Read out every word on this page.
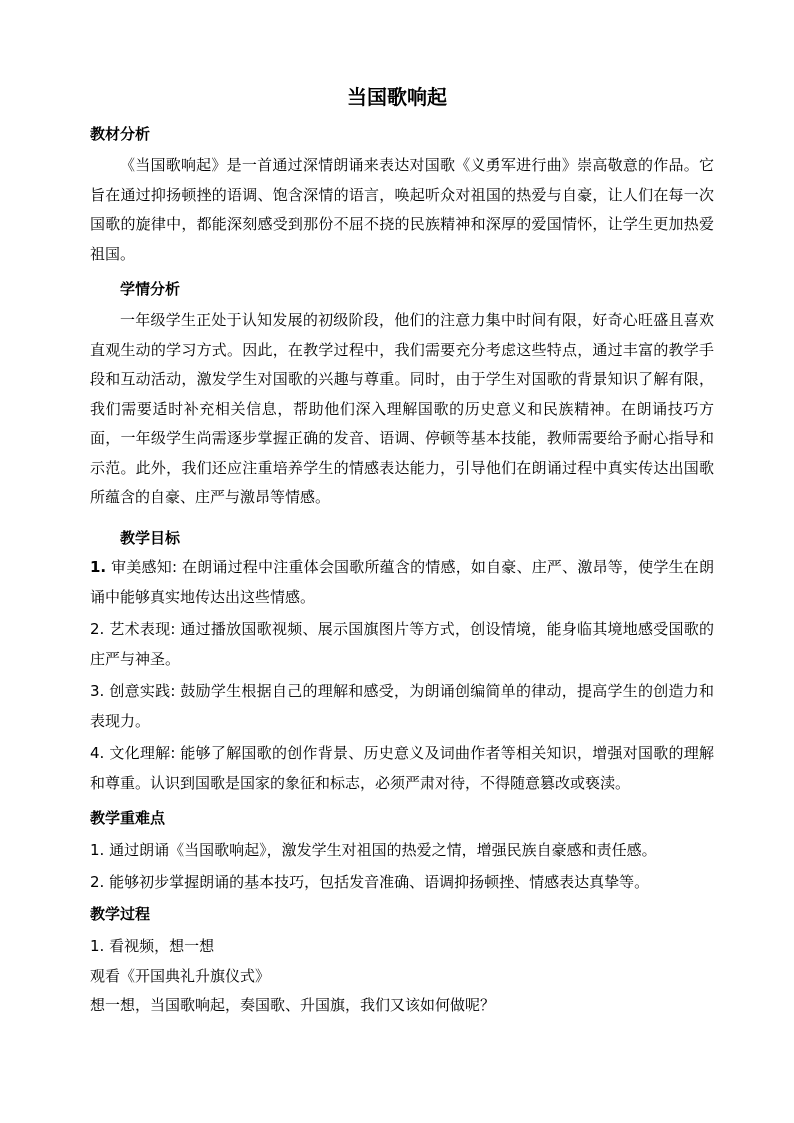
当国歌响起

教材分析

《当国歌响起》是一首通过深情朗诵来表达对国歌《义勇军进行曲》崇高敬意的作品。它旨在通过抑扬顿挫的语调、饱含深情的语言，唤起听众对祖国的热爱与自豪，让人们在每一次国歌的旋律中，都能深刻感受到那份不屈不挠的民族精神和深厚的爱国情怀，让学生更加热爱祖国。

学情分析

一年级学生正处于认知发展的初级阶段，他们的注意力集中时间有限，好奇心旺盛且喜欢直观生动的学习方式。因此，在教学过程中，我们需要充分考虑这些特点，通过丰富的教学手段和互动活动，激发学生对国歌的兴趣与尊重。同时，由于学生对国歌的背景知识了解有限，我们需要适时补充相关信息，帮助他们深入理解国歌的历史意义和民族精神。在朗诵技巧方面，一年级学生尚需逐步掌握正确的发音、语调、停顿等基本技能，教师需要给予耐心指导和示范。此外，我们还应注重培养学生的情感表达能力，引导他们在朗诵过程中真实传达出国歌所蕴含的自豪、庄严与激昂等情感。

教学目标

1. 审美感知: 在朗诵过程中注重体会国歌所蕴含的情感，如自豪、庄严、激昂等，使学生在朗诵中能够真实地传达出这些情感。

2. 艺术表现: 通过播放国歌视频、展示国旗图片等方式，创设情境，能身临其境地感受国歌的庄严与神圣。

3. 创意实践: 鼓励学生根据自己的理解和感受，为朗诵创编简单的律动，提高学生的创造力和表现力。

4. 文化理解: 能够了解国歌的创作背景、历史意义及词曲作者等相关知识，增强对国歌的理解和尊重。认识到国歌是国家的象征和标志，必须严肃对待，不得随意篡改或亵渎。

教学重难点

1. 通过朗诵《当国歌响起》，激发学生对祖国的热爱之情，增强民族自豪感和责任感。

2. 能够初步掌握朗诵的基本技巧，包括发音准确、语调抑扬顿挫、情感表达真挚等。

教学过程

1. 看视频，想一想

观看《开国典礼升旗仪式》

想一想，当国歌响起，奏国歌、升国旗，我们又该如何做呢？
